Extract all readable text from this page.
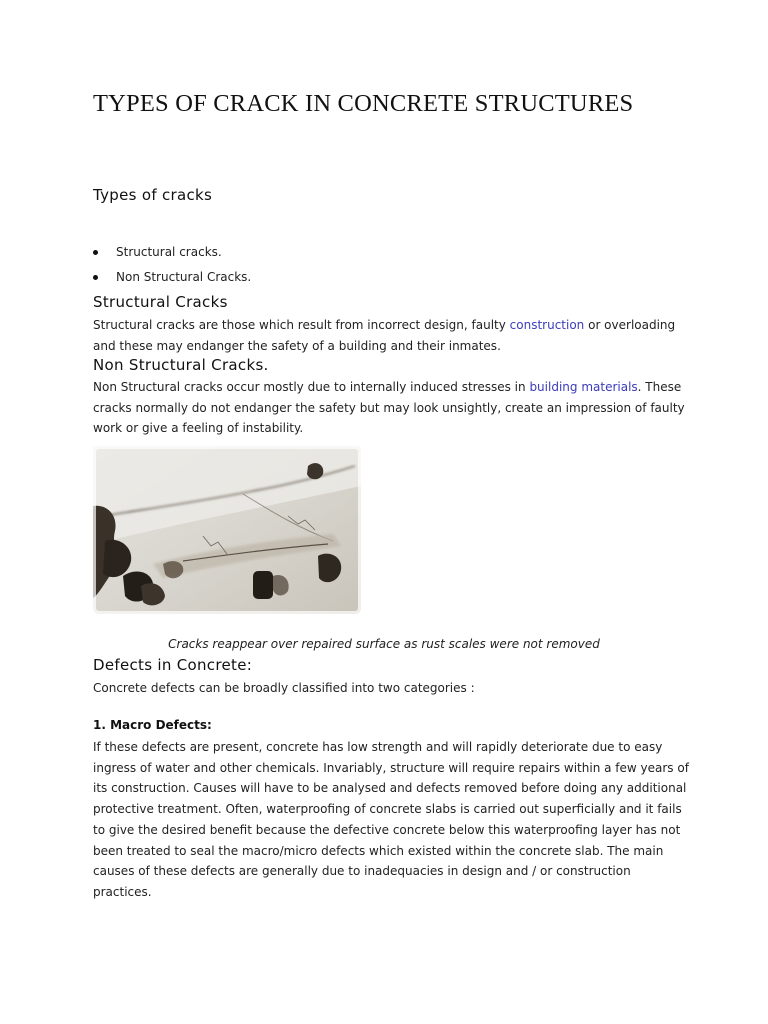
TYPES OF CRACK IN CONCRETE STRUCTURES
Types of cracks
Structural cracks.
Non Structural Cracks.
Structural Cracks

Structural cracks are those which result from incorrect design, faulty construction or overloading and these may endanger the safety of a building and their inmates.

Non Structural Cracks.

Non Structural cracks occur mostly due to internally induced stresses in building materials. These cracks normally do not endanger the safety but may look unsightly, create an impression of faulty work or give a feeling of instability.

Cracks reappear over repaired surface as rust scales were not removed

Defects in Concrete:

Concrete defects can be broadly classified into two categories :

1. Macro Defects:

If these defects are present, concrete has low strength and will rapidly deteriorate due to easy ingress of water and other chemicals. Invariably, structure will require repairs within a few years of its construction. Causes will have to be analysed and defects removed before doing any additional protective treatment. Often, waterproofing of concrete slabs is carried out superficially and it fails to give the desired benefit because the defective concrete below this waterproofing layer has not been treated to seal the macro/micro defects which existed within the concrete slab. The main causes of these defects are generally due to inadequacies in design and / or construction practices.
